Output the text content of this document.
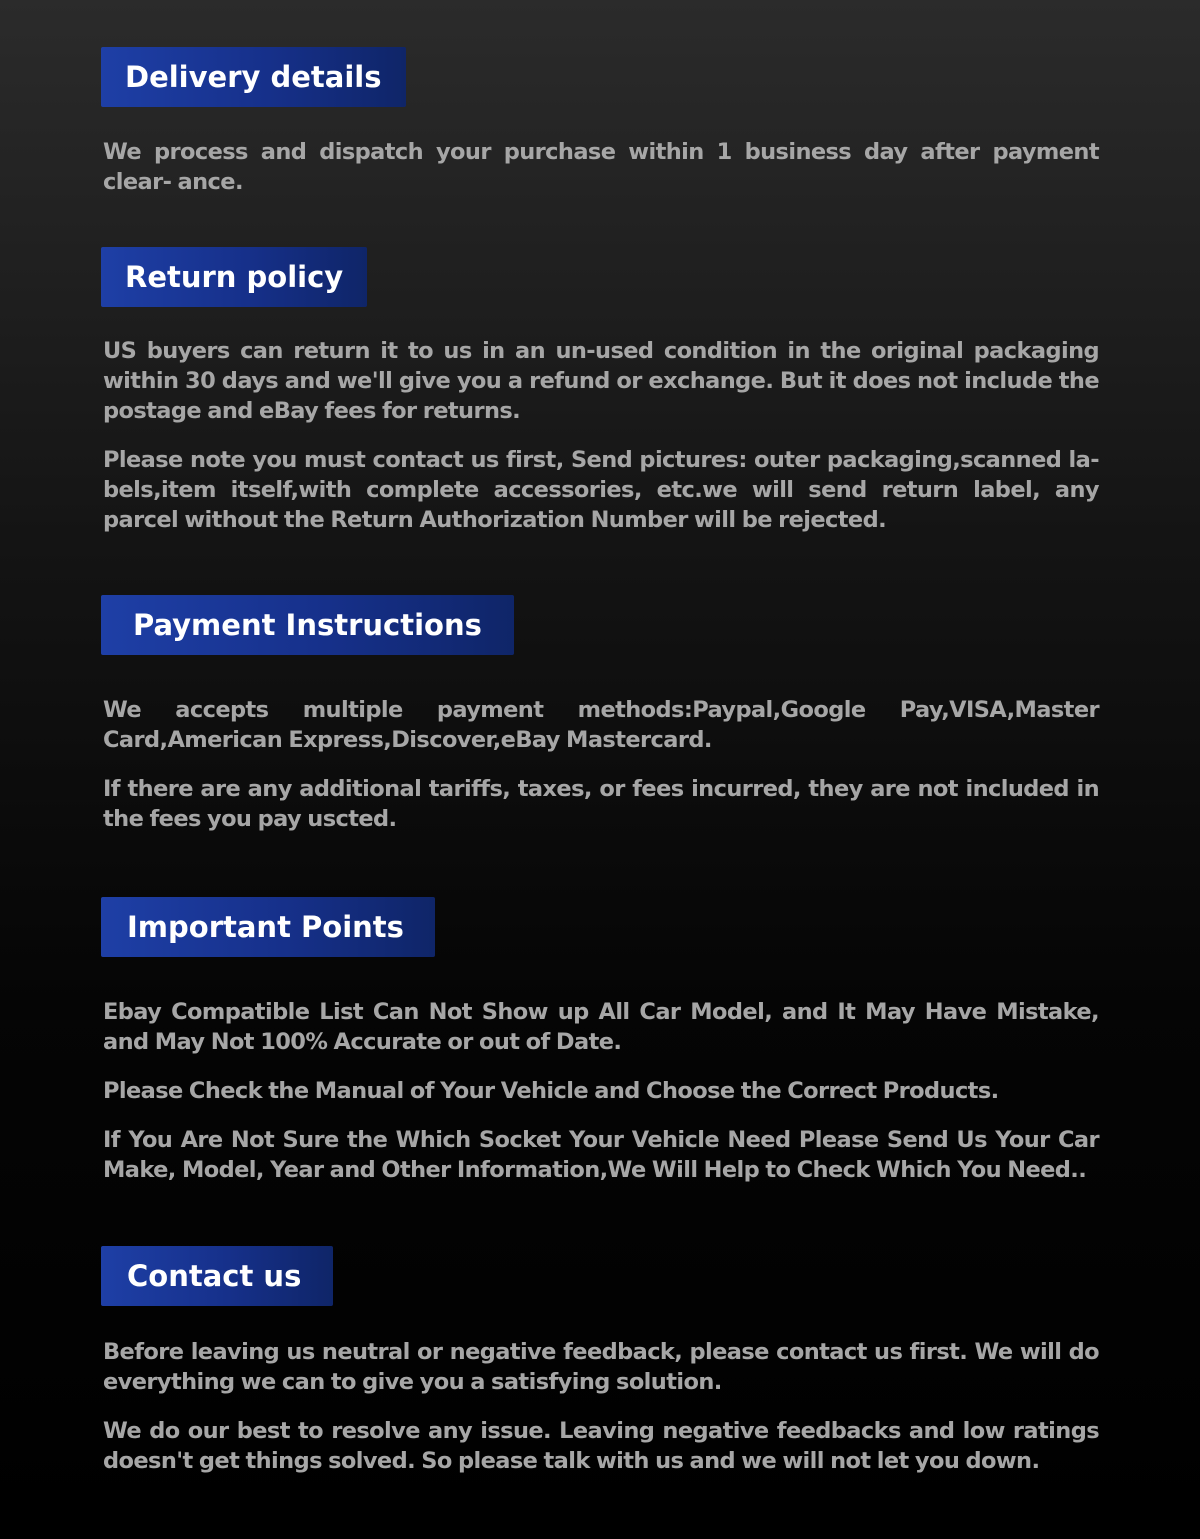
Delivery details

We process and dispatch your purchase within 1 business day after payment clear- ance.

Return policy

US buyers can return it to us in an un-used condition in the original packaging within 30 days and we'll give you a refund or exchange. But it does not include the postage and eBay fees for returns.

Please note you must contact us first, Send pictures: outer packaging,scanned la- bels,item itself,with complete accessories, etc.we will send return label, any parcel without the Return Authorization Number will be rejected.

Payment Instructions

We accepts multiple payment methods:Paypal,Google Pay,VISA,Master Card,American Express,Discover,eBay Mastercard.

If there are any additional tariffs, taxes, or fees incurred, they are not included in the fees you pay uscted.

Important Points

Ebay Compatible List Can Not Show up All Car Model, and It May Have Mistake, and May Not 100% Accurate or out of Date.

Please Check the Manual of Your Vehicle and Choose the Correct Products.

If You Are Not Sure the Which Socket Your Vehicle Need Please Send Us Your Car Make, Model, Year and Other Information,We Will Help to Check Which You Need..

Contact us

Before leaving us neutral or negative feedback, please contact us first. We will do everything we can to give you a satisfying solution.

We do our best to resolve any issue. Leaving negative feedbacks and low ratings doesn't get things solved. So please talk with us and we will not let you down.
